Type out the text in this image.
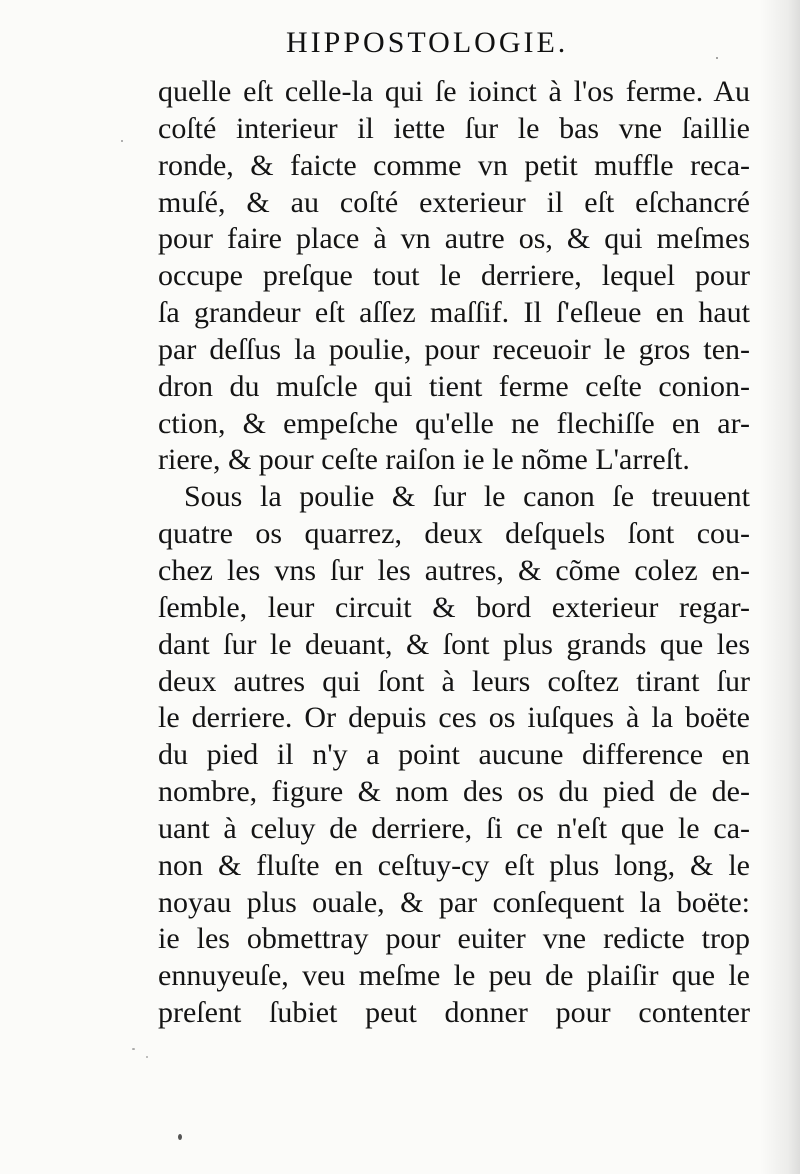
HIPPOSTOLOGIE.
quelle eſt celle-la qui ſe ioinct à l'os ferme. Au
coſté interieur il iette ſur le bas vne ſaillie
ronde, & faicte comme vn petit muffle reca-
muſé, & au coſté exterieur il eſt eſchancré
pour faire place à vn autre os, & qui meſmes
occupe preſque tout le derriere, lequel pour
ſa grandeur eſt aſſez maſſif. Il ſ'eſleue en haut
par deſſus la poulie, pour receuoir le gros ten-
dron du muſcle qui tient ferme ceſte conion-
ction, & empeſche qu'elle ne flechiſſe en ar-
riere, & pour ceſte raiſon ie le nõme L'arreſt.
Sous la poulie & ſur le canon ſe treuuent
quatre os quarrez, deux deſquels ſont cou-
chez les vns ſur les autres, & cõme colez en-
ſemble, leur circuit & bord exterieur regar-
dant ſur le deuant, & ſont plus grands que les
deux autres qui ſont à leurs coſtez tirant ſur
le derriere. Or depuis ces os iuſques à la boëte
du pied il n'y a point aucune difference en
nombre, figure & nom des os du pied de de-
uant à celuy de derriere, ſi ce n'eſt que le ca-
non & fluſte en ceſtuy-cy eſt plus long, & le
noyau plus ouale, & par conſequent la boëte:
ie les obmettray pour euiter vne redicte trop
ennuyeuſe, veu meſme le peu de plaiſir que le
preſent ſubiet peut donner pour contenter
